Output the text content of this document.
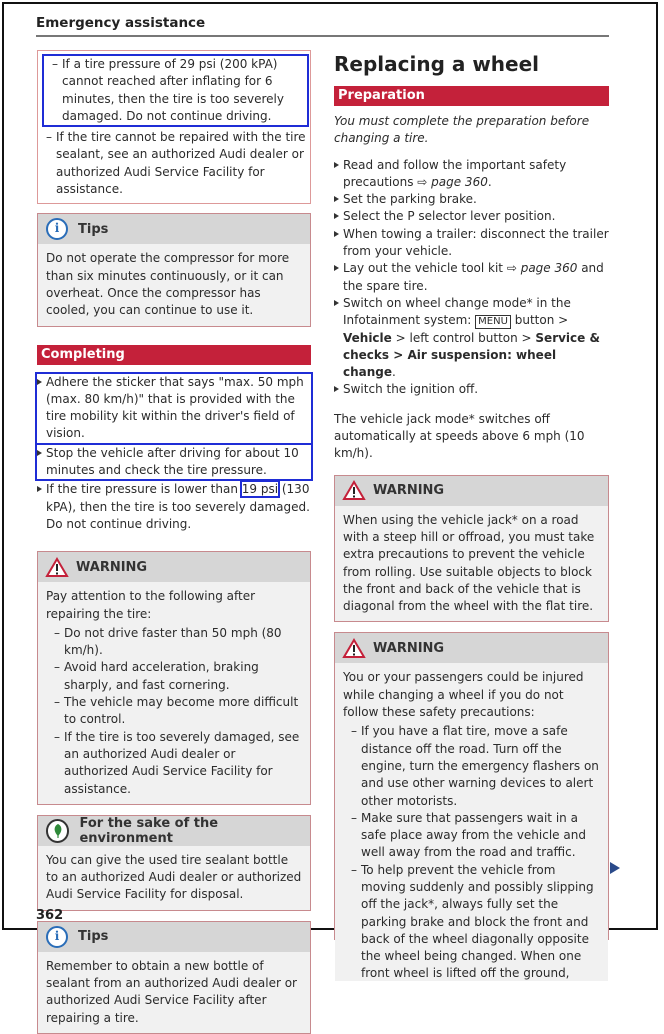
Emergency assistance
– If a tire pressure of 29 psi (200 kPA) cannot reached after inflating for 6 minutes, then the tire is too severely damaged. Do not continue driving.
– If the tire cannot be repaired with the tire sealant, see an authorized Audi dealer or authorized Audi Service Facility for assistance.
i	Tips
Do not operate the compressor for more than six minutes continuously, or it can overheat. Once the compressor has cooled, you can continue to use it.
Completing
Adhere the sticker that says "max. 50 mph (max. 80 km/h)" that is provided with the tire mobility kit within the driver's field of vision.
Stop the vehicle after driving for about 10 minutes and check the tire pressure.
If the tire pressure is lower than 19 psi (130 kPA), then the tire is too severely damaged. Do not continue driving.
WARNING
Pay attention to the following after repairing the tire:
– Do not drive faster than 50 mph (80 km/h).
– Avoid hard acceleration, braking sharply, and fast cornering.
– The vehicle may become more difficult to control.
– If the tire is too severely damaged, see an authorized Audi dealer or authorized Audi Service Facility for assistance.
For the sake of the environment
You can give the used tire sealant bottle to an authorized Audi dealer or authorized Audi Service Facility for disposal.
i	Tips
Remember to obtain a new bottle of sealant from an authorized Audi dealer or authorized Audi Service Facility after repairing a tire.
Replacing a wheel
Preparation
You must complete the preparation before changing a tire.
Read and follow the important safety precautions ⇨ page 360.
Set the parking brake.
Select the P selector lever position.
When towing a trailer: disconnect the trailer from your vehicle.
Lay out the vehicle tool kit ⇨ page 360 and the spare tire.
Switch on wheel change mode* in the Infotainment system: MENU button > Vehicle > left control button > Service & checks > Air suspension: wheel change.
Switch the ignition off.
The vehicle jack mode* switches off automatically at speeds above 6 mph (10 km/h).
WARNING
When using the vehicle jack* on a road with a steep hill or offroad, you must take extra precautions to prevent the vehicle from rolling. Use suitable objects to block the front and back of the vehicle that is diagonal from the wheel with the flat tire.
WARNING
You or your passengers could be injured while changing a wheel if you do not follow these safety precautions:
– If you have a flat tire, move a safe distance off the road. Turn off the engine, turn the emergency flashers on and use other warning devices to alert other motorists.
– Make sure that passengers wait in a safe place away from the vehicle and well away from the road and traffic.
– To help prevent the vehicle from moving suddenly and possibly slipping off the jack*, always fully set the parking brake and block the front and back of the wheel diagonally opposite the wheel being changed. When one front wheel is lifted off the ground,
362
